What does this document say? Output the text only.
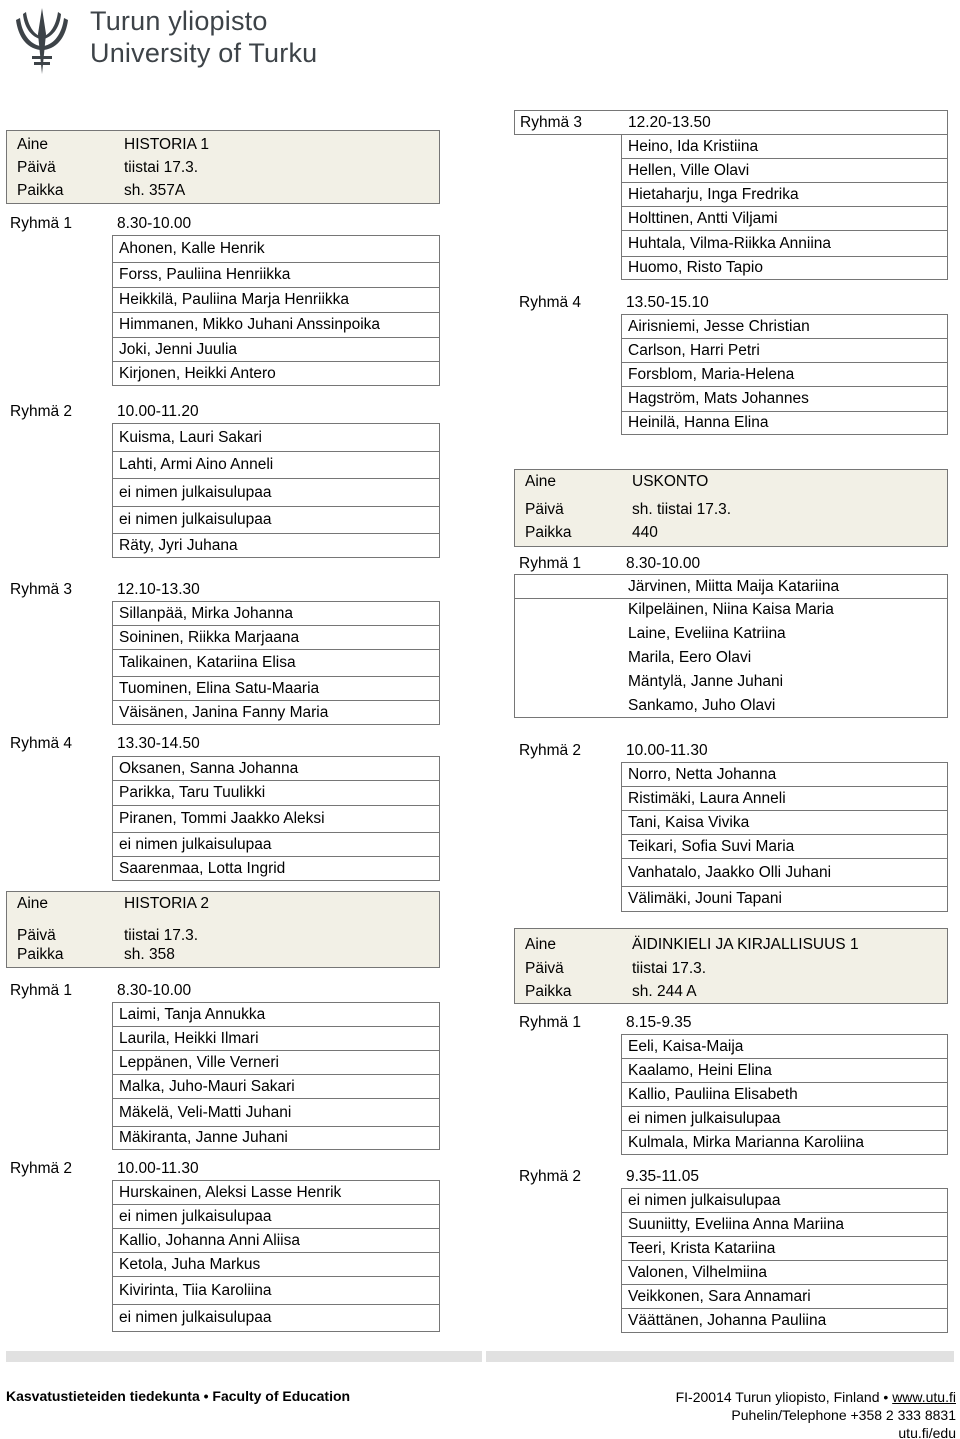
Turun yliopisto
University of Turku
Aine	HISTORIA 1
Päivä	tiistai 17.3.
Paikka	sh. 357A
Ryhmä 1	8.30-10.00
Ahonen, Kalle Henrik
Forss, Pauliina Henriikka
Heikkilä, Pauliina Marja Henriikka
Himmanen, Mikko Juhani Anssinpoika
Joki, Jenni Juulia
Kirjonen, Heikki Antero
Ryhmä 2	10.00-11.20
Kuisma, Lauri Sakari
Lahti, Armi Aino Anneli
ei nimen julkaisulupaa
ei nimen julkaisulupaa
Räty, Jyri Juhana
Ryhmä 3	12.10-13.30
Sillanpää, Mirka Johanna
Soininen, Riikka Marjaana
Talikainen, Katariina Elisa
Tuominen, Elina Satu-Maaria
Väisänen, Janina Fanny Maria
Ryhmä 4	13.30-14.50
Oksanen, Sanna Johanna
Parikka, Taru Tuulikki
Piranen, Tommi Jaakko Aleksi
ei nimen julkaisulupaa
Saarenmaa, Lotta Ingrid
Aine	HISTORIA 2
Päivä	tiistai 17.3.
Paikka	sh. 358
Ryhmä 1	8.30-10.00
Laimi, Tanja Annukka
Laurila, Heikki Ilmari
Leppänen, Ville Verneri
Malka, Juho-Mauri Sakari
Mäkelä, Veli-Matti Juhani
Mäkiranta, Janne Juhani
Ryhmä 2	10.00-11.30
Hurskainen, Aleksi Lasse Henrik
ei nimen julkaisulupaa
Kallio, Johanna Anni Aliisa
Ketola, Juha Markus
Kivirinta, Tiia Karoliina
ei nimen julkaisulupaa
Ryhmä 3	12.20-13.50
Heino, Ida Kristiina
Hellen, Ville Olavi
Hietaharju, Inga Fredrika
Holttinen, Antti Viljami
Huhtala, Vilma-Riikka Anniina
Huomo, Risto Tapio
Ryhmä 4	13.50-15.10
Airisniemi, Jesse Christian
Carlson, Harri Petri
Forsblom, Maria-Helena
Hagström, Mats Johannes
Heinilä, Hanna Elina
Aine	USKONTO
Päivä	sh. tiistai 17.3.
Paikka	440
Ryhmä 1	8.30-10.00
Järvinen, Miitta Maija Katariina
Kilpeläinen, Niina Kaisa Maria
Laine, Eveliina Katriina
Marila, Eero Olavi
Mäntylä, Janne Juhani
Sankamo, Juho Olavi
Ryhmä 2	10.00-11.30
Norro, Netta Johanna
Ristimäki, Laura Anneli
Tani, Kaisa Vivika
Teikari, Sofia Suvi Maria
Vanhatalo, Jaakko Olli Juhani
Välimäki, Jouni Tapani
Aine	ÄIDINKIELI JA KIRJALLISUUS 1
Päivä	tiistai 17.3.
Paikka	sh. 244 A
Ryhmä 1	8.15-9.35
Eeli, Kaisa-Maija
Kaalamo, Heini Elina
Kallio, Pauliina Elisabeth
ei nimen julkaisulupaa
Kulmala, Mirka Marianna Karoliina
Ryhmä 2	9.35-11.05
ei nimen julkaisulupaa
Suuniitty, Eveliina Anna Mariina
Teeri, Krista Katariina
Valonen, Vilhelmiina
Veikkonen, Sara Annamari
Väättänen, Johanna Pauliina
Kasvatustieteiden tiedekunta • Faculty of Education	FI-20014 Turun yliopisto, Finland • www.utu.fi
Puhelin/Telephone +358 2 333 8831
utu.fi/edu
